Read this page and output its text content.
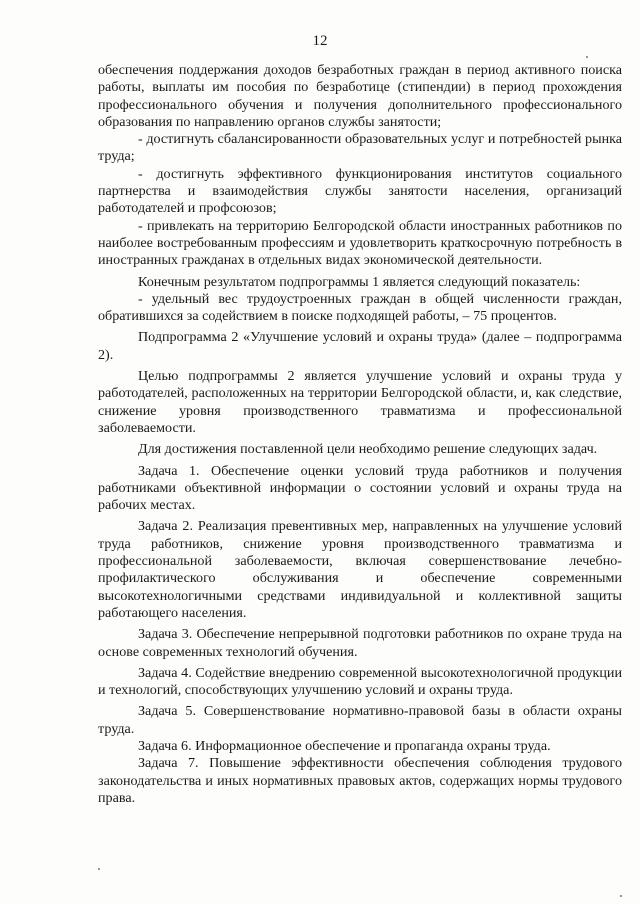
12

обеспечения поддержания доходов безработных граждан в период активного поиска работы, выплаты им пособия по безработице (стипендии) в период прохождения профессионального обучения и получения дополнительного профессионального образования по направлению органов службы занятости;

- достигнуть сбалансированности образовательных услуг и потребностей рынка труда;

- достигнуть эффективного функционирования институтов социального партнерства и взаимодействия службы занятости населения, организаций работодателей и профсоюзов;

- привлекать на территорию Белгородской области иностранных работников по наиболее востребованным профессиям и удовлетворить краткосрочную потребность в иностранных гражданах в отдельных видах экономической деятельности.

Конечным результатом подпрограммы 1 является следующий показатель:

- удельный вес трудоустроенных граждан в общей численности граждан, обратившихся за содействием в поиске подходящей работы, – 75 процентов.

Подпрограмма 2 «Улучшение условий и охраны труда» (далее – подпрограмма 2).

Целью подпрограммы 2 является улучшение условий и охраны труда у работодателей, расположенных на территории Белгородской области, и, как следствие, снижение уровня производственного травматизма и профессиональной заболеваемости.

Для достижения поставленной цели необходимо решение следующих задач.

Задача 1. Обеспечение оценки условий труда работников и получения работниками объективной информации о состоянии условий и охраны труда на рабочих местах.

Задача 2. Реализация превентивных мер, направленных на улучшение условий труда работников, снижение уровня производственного травматизма и профессиональной заболеваемости, включая совершенствование лечебно-профилактического обслуживания и обеспечение современными высокотехнологичными средствами индивидуальной и коллективной защиты работающего населения.

Задача 3. Обеспечение непрерывной подготовки работников по охране труда на основе современных технологий обучения.

Задача 4. Содействие внедрению современной высокотехнологичной продукции и технологий, способствующих улучшению условий и охраны труда.

Задача 5. Совершенствование нормативно-правовой базы в области охраны труда.

Задача 6. Информационное обеспечение и пропаганда охраны труда.

Задача 7. Повышение эффективности обеспечения соблюдения трудового законодательства и иных нормативных правовых актов, содержащих нормы трудового права.
